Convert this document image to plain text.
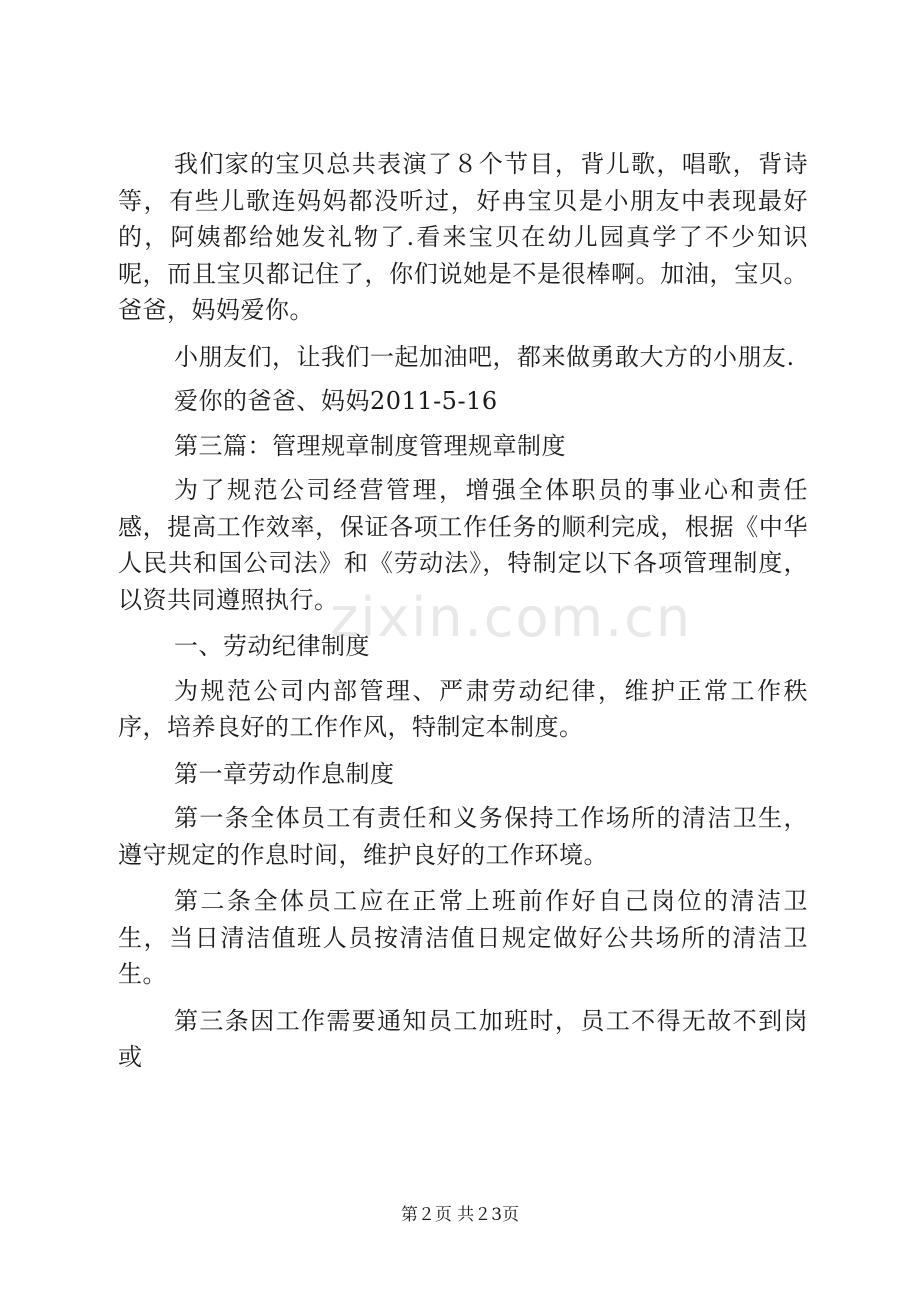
我们家的宝贝总共表演了８个节目，背儿歌，唱歌，背诗等，有些儿歌连妈妈都没听过，好冉宝贝是小朋友中表现最好的，阿姨都给她发礼物了.看来宝贝在幼儿园真学了不少知识呢，而且宝贝都记住了，你们说她是不是很棒啊。加油，宝贝。爸爸，妈妈爱你。

小朋友们，让我们一起加油吧，都来做勇敢大方的小朋友.

爱你的爸爸、妈妈2011-5-16

第三篇：管理规章制度管理规章制度

为了规范公司经营管理，增强全体职员的事业心和责任感，提高工作效率，保证各项工作任务的顺利完成，根据《中华人民共和国公司法》和《劳动法》，特制定以下各项管理制度，以资共同遵照执行。

一、劳动纪律制度

为规范公司内部管理、严肃劳动纪律，维护正常工作秩序，培养良好的工作作风，特制定本制度。

第一章劳动作息制度

第一条全体员工有责任和义务保持工作场所的清洁卫生，遵守规定的作息时间，维护良好的工作环境。

第二条全体员工应在正常上班前作好自己岗位的清洁卫生，当日清洁值班人员按清洁值日规定做好公共场所的清洁卫生。

第三条因工作需要通知员工加班时，员工不得无故不到岗或

zixin.com.cn
第２页 共２3页
